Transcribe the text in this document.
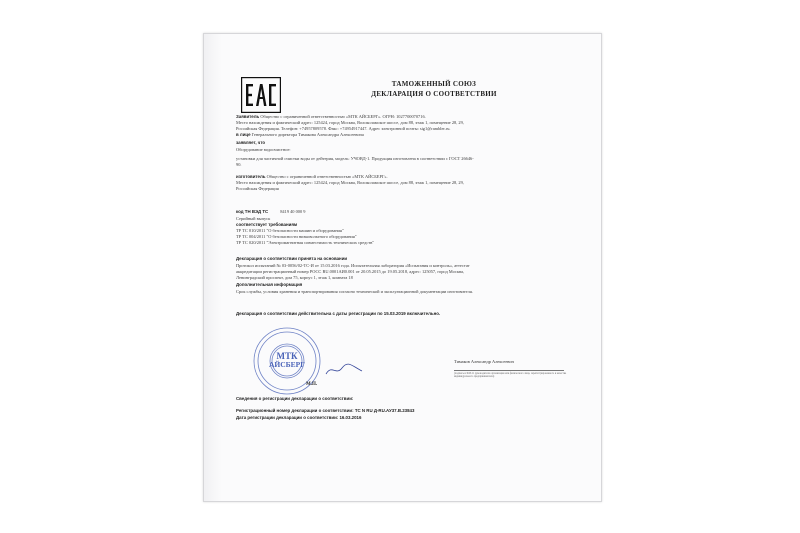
ТАМОЖЕННЫЙ СОЮЗ
ДЕКЛАРАЦИЯ О СООТВЕТСТВИИ
Заявитель Общество с ограниченной ответственностью «МТК АЙСБЕРГ». ОГРН: 1027700070716.
Место нахождения и фактический адрес: 125424, город Москва, Волоколамское шоссе, дом 88, этаж 1, помещение 28, 29,
Российская Федерация. Телефон: +74957809578. Факс: +74954917447. Адрес электронной почты: sig1@rambler.ru.
в лице Генерального директора Тимакова Александра Алексеевича
заявляет, что
Оборудование водоочистное:
установки для частичной очистки воды от дейтерия, модель: УЧОВД-1. Продукция изготовлена в соответствии с ГОСТ 26646-
90.
изготовитель Общество с ограниченной ответственностью «МТК АЙСБЕРГ».
Место нахождения и фактический адрес: 125424, город Москва, Волоколамское шоссе, дом 88, этаж 1, помещение 28, 29,
Российская Федерация
код ТН ВЭД ТС	8419 40 000 9
Серийный выпуск
соответствует требованиям
ТР ТС 010/2011 "О безопасности машин и оборудования"
ТР ТС 004/2011 "О безопасности низковольтного оборудования"
ТР ТС 020/2011 "Электромагнитная совместимость технических средств"
Декларация о соответствии принята на основании
Протокол испытаний № 03-0056/02-ТС-И от 15.03.2016 года. Испытательная лаборатория «Испытания и контроль», аттестат
аккредитации регистрационный номер РОСС RU.0001АИ0.001 от 20.05.2015 до 19.05.2018, адрес: 125057, город Москва,
Ленинградский проспект, дом 75, корпус 1, этаж 1, комната 18
Дополнительная информация
Срок службы, условия хранения и транспортирования согласно технической и эксплуатационной документации изготовителя.
Декларация о соответствии действительна с даты регистрации по 15.03.2019 включительно.
МТК
АЙСБЕРГ
М.П.
Тимаков Александр Алексеевич
(подпись и Ф.И.О. руководителя организации или физического лица, зарегистрированного в качестве индивидуального предпринимателя)
Сведения о регистрации декларации о соответствии:
Регистрационный номер декларации о соответствии: ТС N RU Д-RU.АУ37.В.23843
Дата регистрации декларации о соответствии: 16.03.2016
